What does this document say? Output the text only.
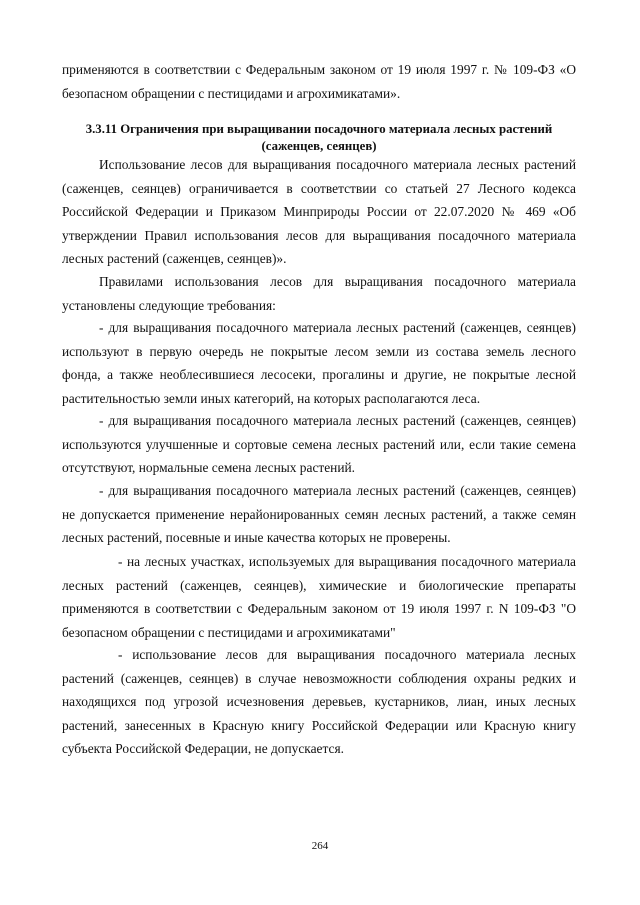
применяются в соответствии с Федеральным законом от 19 июля 1997 г. № 109-ФЗ «О безопасном обращении с пестицидами и агрохимикатами».

3.3.11 Ограничения при выращивании посадочного материала лесных растений (саженцев, сеянцев)

Использование лесов для выращивания посадочного материала лесных растений (саженцев, сеянцев) ограничивается в соответствии со статьей 27 Лесного кодекса Российской Федерации и Приказом Минприроды России от 22.07.2020 № 469 «Об утверждении Правил использования лесов для выращивания посадочного материала лесных растений (саженцев, сеянцев)».

Правилами использования лесов для выращивания посадочного материала установлены следующие требования:

- для выращивания посадочного материала лесных растений (саженцев, сеянцев) используют в первую очередь не покрытые лесом земли из состава земель лесного фонда, а также необлесившиеся лесосеки, прогалины и другие, не покрытые лесной растительностью земли иных категорий, на которых располагаются леса.

- для выращивания посадочного материала лесных растений (саженцев, сеянцев) используются улучшенные и сортовые семена лесных растений или, если такие семена отсутствуют, нормальные семена лесных растений.

- для выращивания посадочного материала лесных растений (саженцев, сеянцев) не допускается применение нерайонированных семян лесных растений, а также семян лесных растений, посевные и иные качества которых не проверены.

- на лесных участках, используемых для выращивания посадочного материала лесных растений (саженцев, сеянцев), химические и биологические препараты применяются в соответствии с Федеральным законом от 19 июля 1997 г. N 109-ФЗ "О безопасном обращении с пестицидами и агрохимикатами"

- использование лесов для выращивания посадочного материала лесных растений (саженцев, сеянцев) в случае невозможности соблюдения охраны редких и находящихся под угрозой исчезновения деревьев, кустарников, лиан, иных лесных растений, занесенных в Красную книгу Российской Федерации или Красную книгу субъекта Российской Федерации, не допускается.

264
